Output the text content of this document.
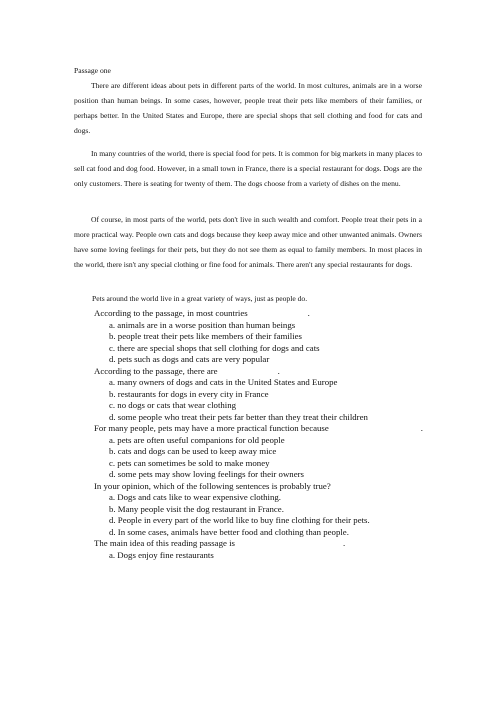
Passage one
There are different ideas about pets in different parts of the world. In most cultures, animals are in a worse position than human beings. In some cases, however, people treat their pets like members of their families, or perhaps better. In the United States and Europe, there are special shops that sell clothing and food for cats and dogs.
In many countries of the world, there is special food for pets. It is common for big markets in many places to sell cat food and dog food. However, in a small town in France, there is a special restaurant for dogs. Dogs are the only customers. There is seating for twenty of them. The dogs choose from a variety of dishes on the menu.
Of course, in most parts of the world, pets don't live in such wealth and comfort. People treat their pets in a more practical way. People own cats and dogs because they keep away mice and other unwanted animals. Owners have some loving feelings for their pets, but they do not see them as equal to family members. In most places in the world, there isn't any special clothing or fine food for animals. There aren't any special restaurants for dogs.
Pets around the world live in a great variety of ways, just as people do.

According to the passage, in most countries	.

a. animals are in a worse position than human beings

b. people treat their pets like members of their families

c. there are special shops that sell clothing for dogs and cats

d. pets such as dogs and cats are very popular

According to the passage, there are	.

a. many owners of dogs and cats in the United States and Europe

b. restaurants for dogs in every city in France

c. no dogs or cats that wear clothing

d. some people who treat their pets far better than they treat their children

For many people, pets may have a more practical function because	.

a. pets are often useful companions for old people

b. cats and dogs can be used to keep away mice

c. pets can sometimes be sold to make money

d. some pets may show loving feelings for their owners

In your opinion, which of the following sentences is probably true?

a. Dogs and cats like to wear expensive clothing.

b. Many people visit the dog restaurant in France.

d. People in every part of the world like to buy fine clothing for their pets.

d. In some cases, animals have better food and clothing than people.

The main idea of this reading passage is	.

a. Dogs enjoy fine restaurants
